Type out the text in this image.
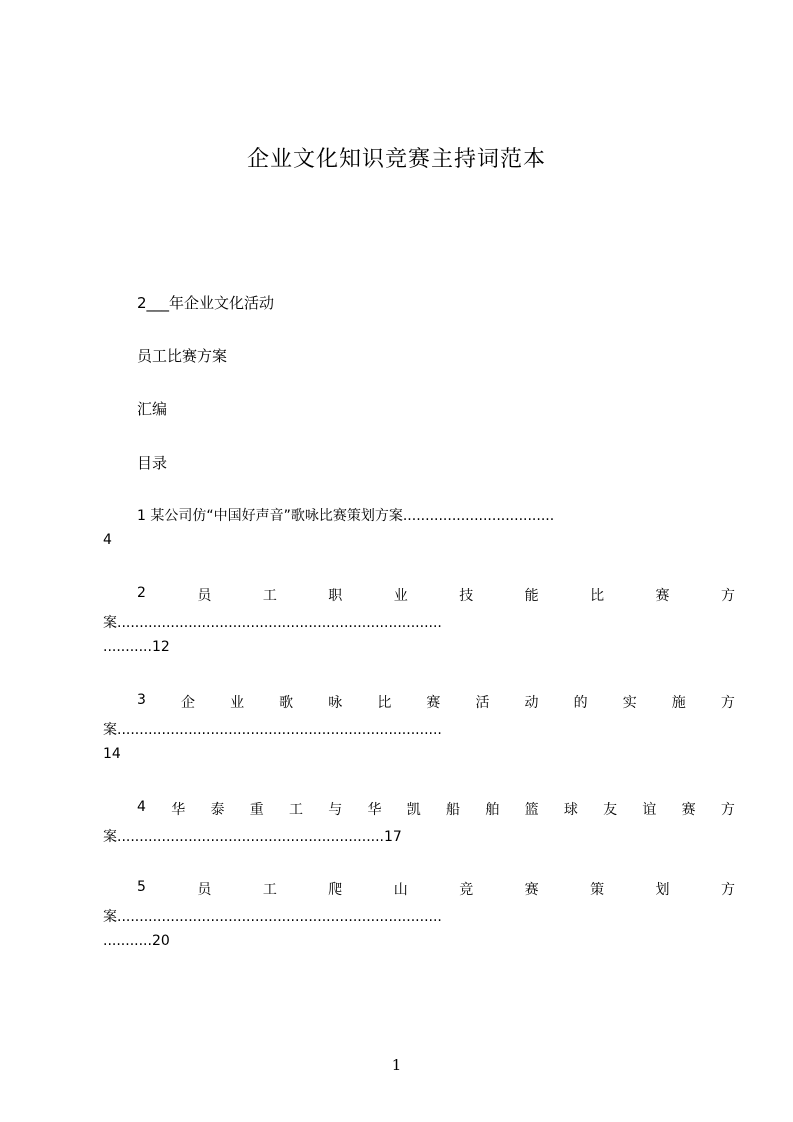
企业文化知识竞赛主持词范本
2___年企业文化活动
员工比赛方案
汇编
目录
1 某公司仿“中国好声音”歌咏比赛策划方案..................................
4
2	员	工	职	业	技	能	比	赛	方
案.........................................................................
...........12
3	企	业	歌	咏	比	赛	活	动	的	实	施	方
案.........................................................................
14
4 华 泰 重 工 与 华 凯 船 舶 篮 球 友 谊 赛 方
案............................................................17
5	员	工	爬	山	竞	赛	策	划	方
案.........................................................................
...........20
1
